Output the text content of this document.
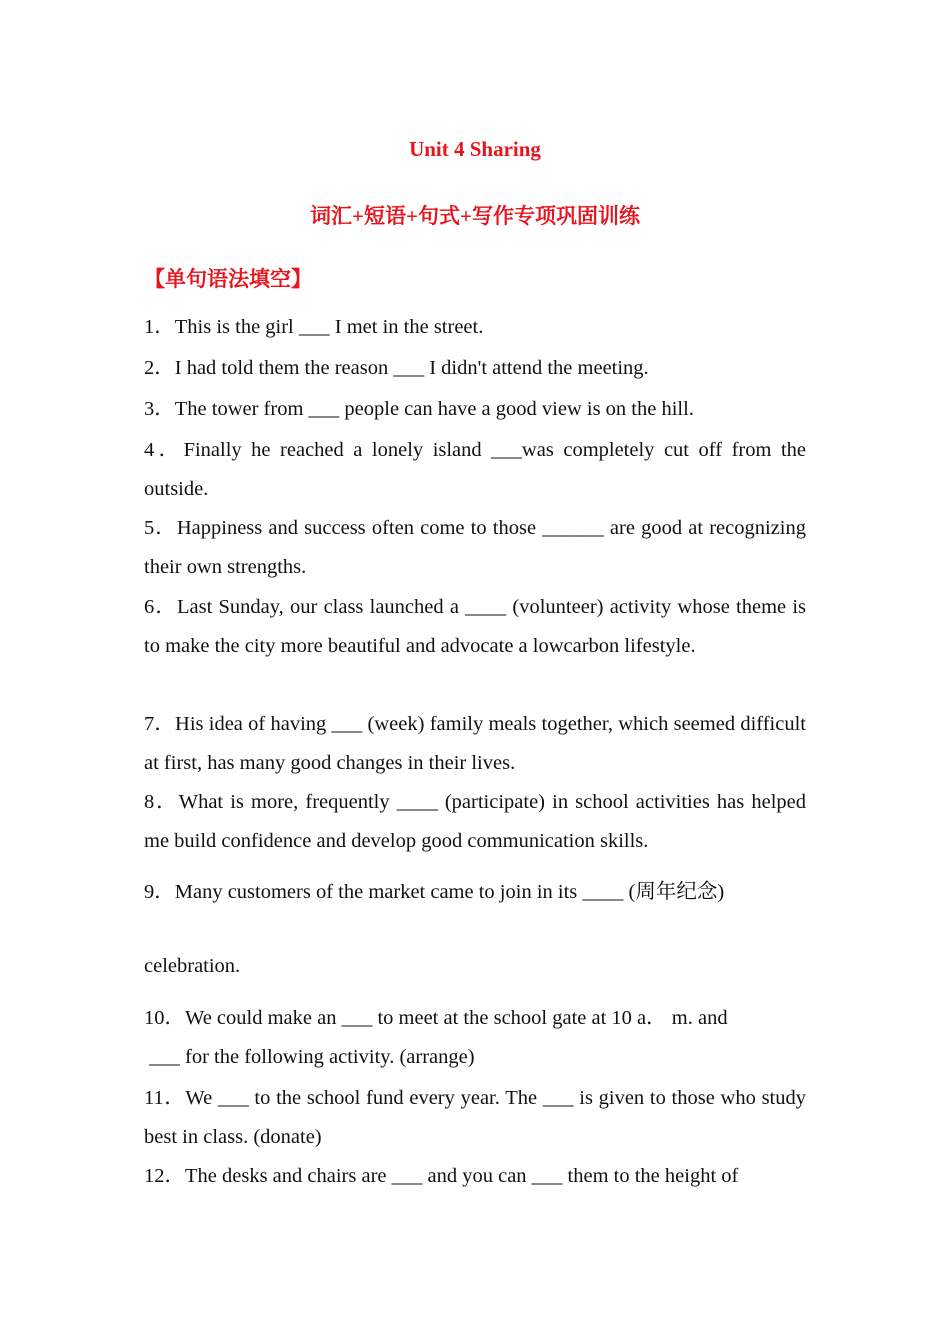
Unit 4 Sharing
词汇+短语+句式+写作专项巩固训练
【单句语法填空】
1．This is the girl ___ I met in the street.
2．I had told them the reason ___ I didn't attend the meeting.
3．The tower from ___ people can have a good view is on the hill.
4．Finally he reached a lonely island ___was completely cut off from the outside.
5．Happiness and success often come to those ______ are good at recognizing their own strengths.
6．Last Sunday, our class launched a ____ (volunteer) activity whose theme is to make the city more beautiful and advocate a lowcarbon lifestyle.
7．His idea of having ___ (week) family meals together, which seemed difficult at first, has many good changes in their lives.
8．What is more, frequently ____ (participate) in school activities has helped me build confidence and develop good communication skills.
9．Many customers of the market came to join in its ____ (周年纪念)
celebration.
10．We could make an ___ to meet at the school gate at 10 a． m. and
___ for the following activity. (arrange)
11．We ___ to the school fund every year. The ___ is given to those who study best in class. (donate)
12．The desks and chairs are ___ and you can ___ them to the height of
